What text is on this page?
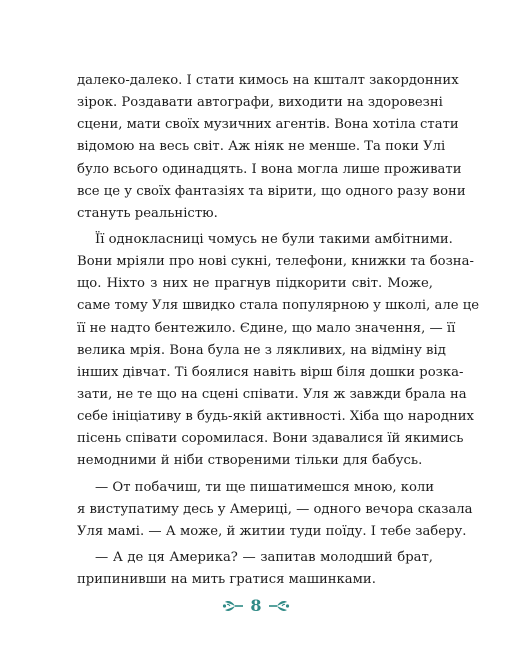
далеко-далеко. І стати кимось на кшталт закордонних
зірок. Роздавати автографи, виходити на здоровезні
сцени, мати своїх музичних агентів. Вона хотіла стати
відомою на весь світ. Аж ніяк не менше. Та поки Улі
було всього одинадцять. І вона могла лише проживати
все це у своїх фантазіях та вірити, що одного разу вони
стануть реальністю.
Її однокласниці чомусь не були такими амбітними.
Вони мріяли про нові сукні, телефони, книжки та бозна-
що. Ніхто з них не прагнув підкорити світ. Може,
саме тому Уля швидко стала популярною у школі, але це
її не надто бентежило. Єдине, що мало значення, — її
велика мрія. Вона була не з лякливих, на відміну від
інших дівчат. Ті боялися навіть вірш біля дошки розка-
зати, не те що на сцені співати. Уля ж завжди брала на
себе ініціативу в будь-якій активності. Хіба що народних
пісень співати соромилася. Вони здавалися їй якимись
немодними й ніби створеними тільки для бабусь.
— От побачиш, ти ще пишатимешся мною, коли
я виступатиму десь у Америці, — одного вечора сказала
Уля мамі. — А може, й житии туди поїду. І тебе заберу.
— А де ця Америка? — запитав молодший брат,
припинивши на мить гратися машинками.
8
